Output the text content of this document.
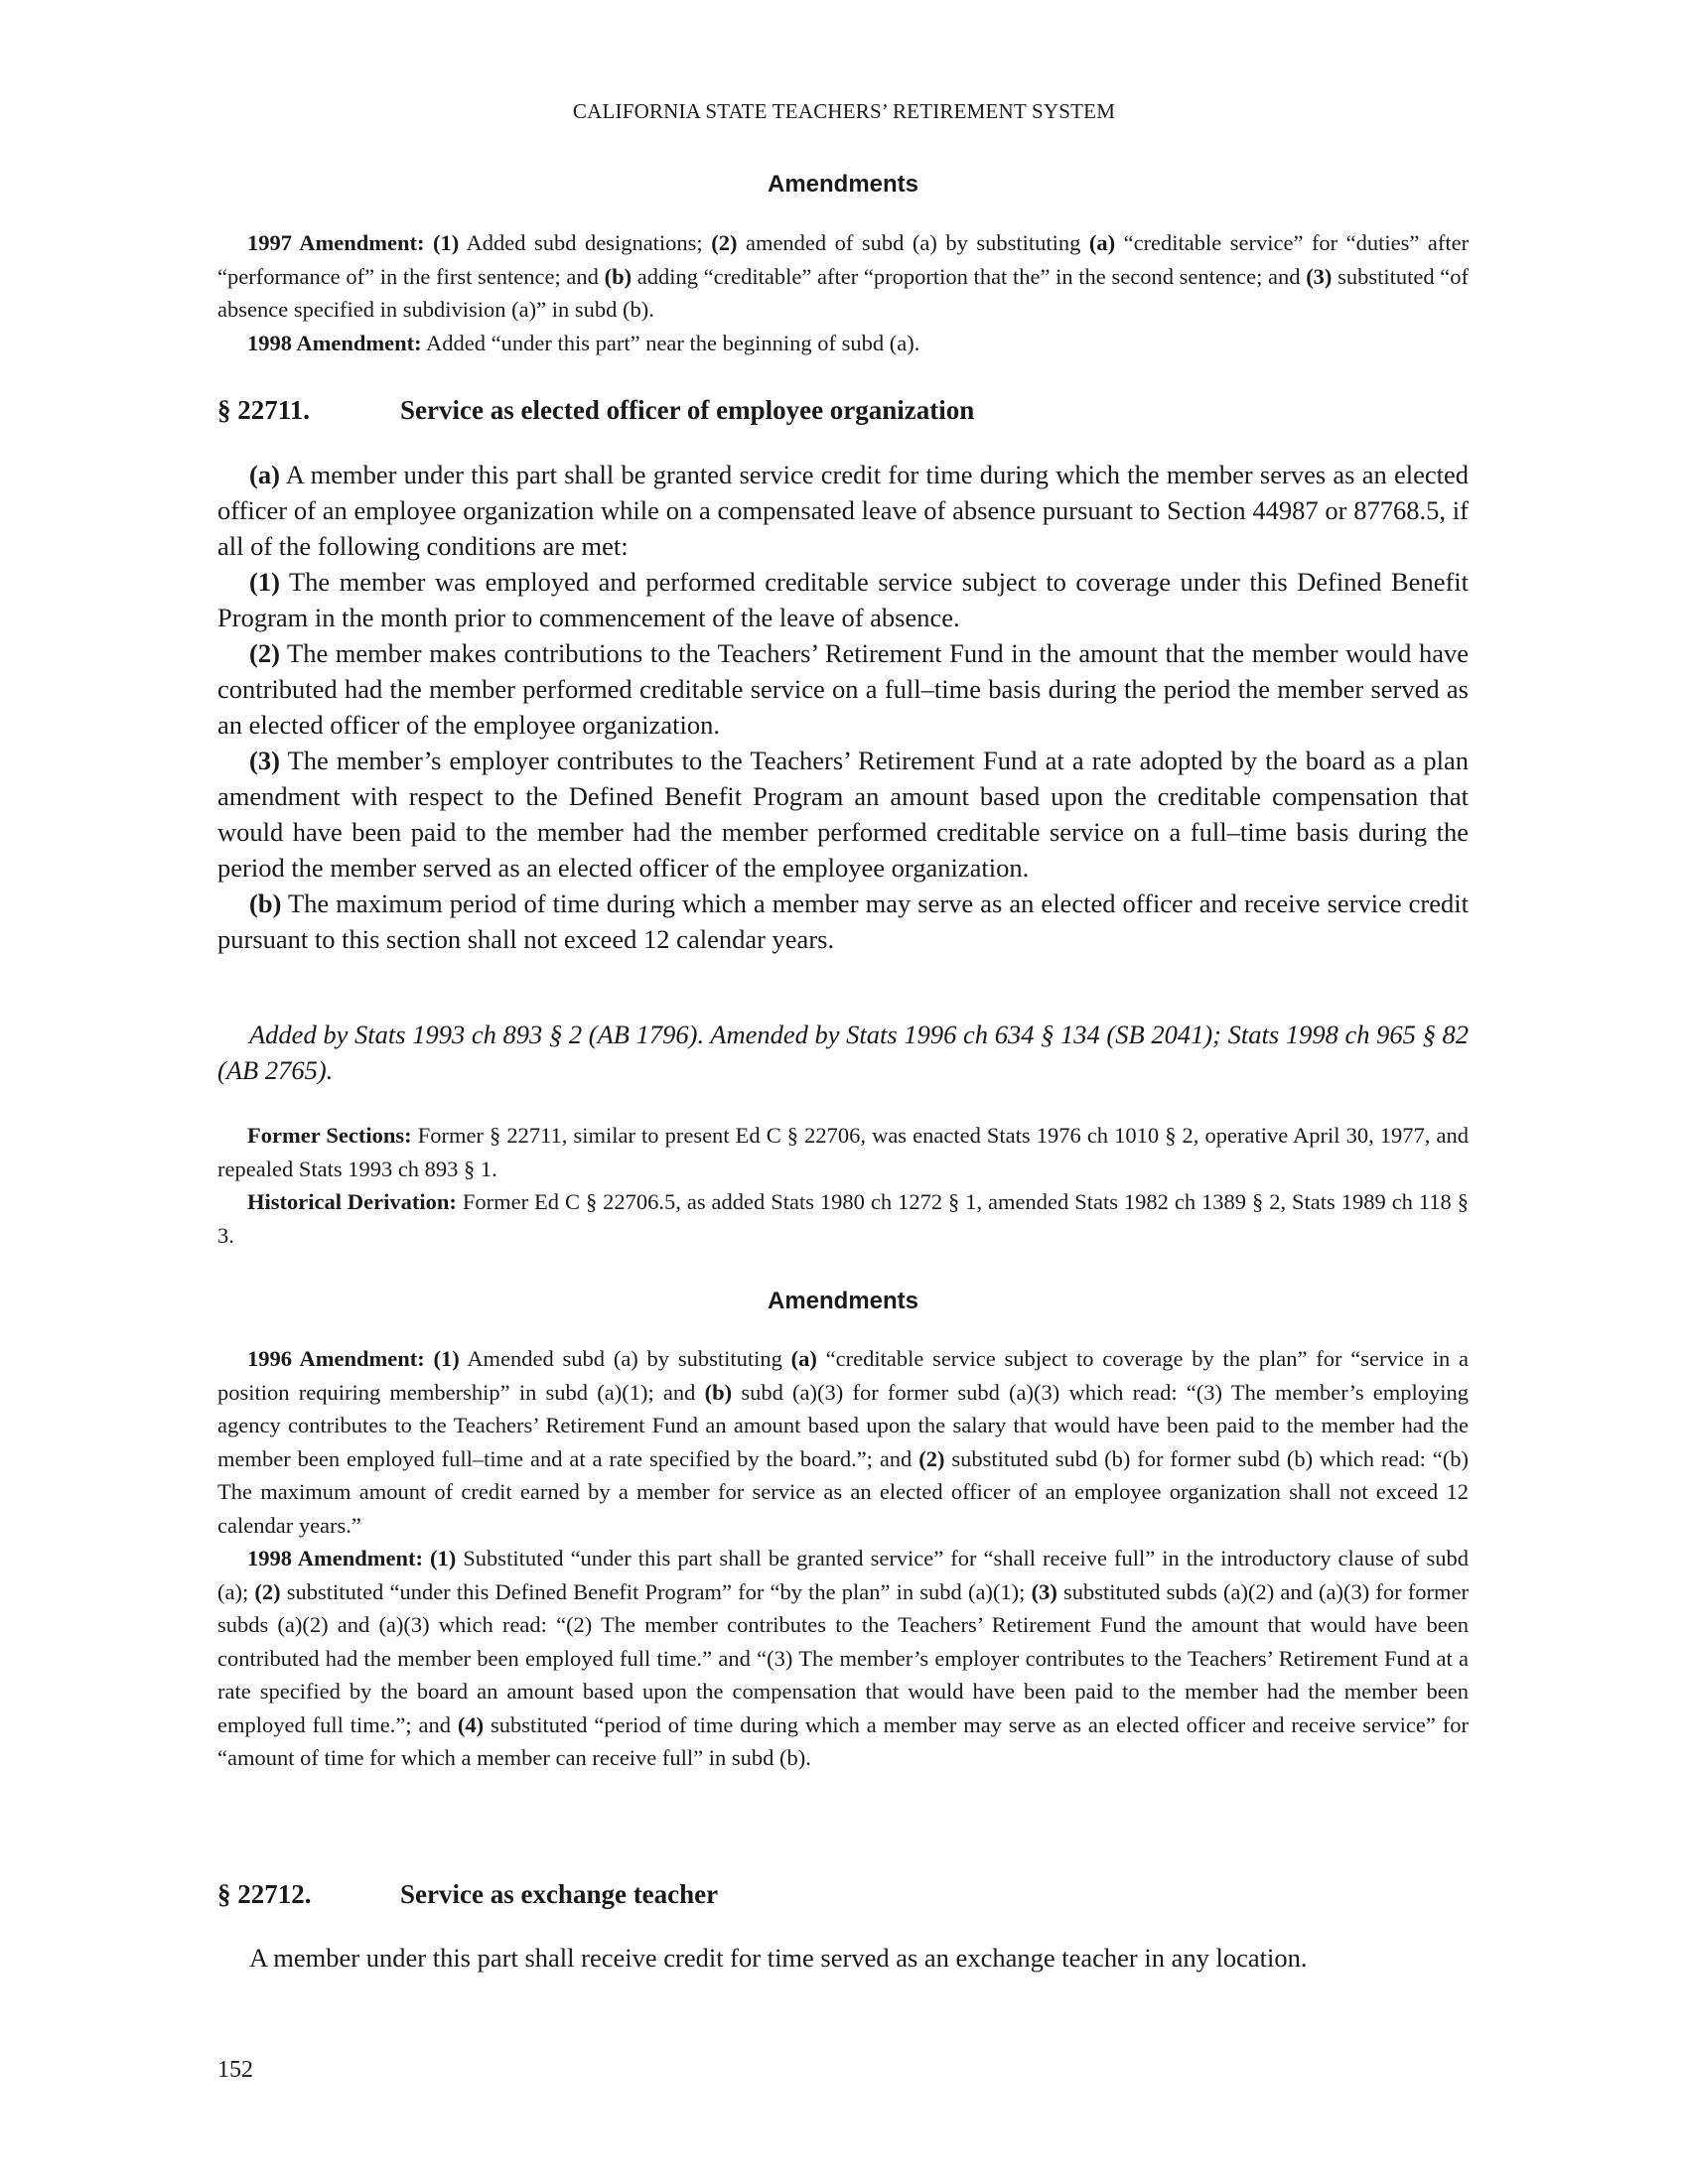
CALIFORNIA STATE TEACHERS’ RETIREMENT SYSTEM
Amendments

1997 Amendment: (1) Added subd designations; (2) amended of subd (a) by substituting (a) “creditable service” for “duties” after “performance of” in the first sentence; and (b) adding “creditable” after “proportion that the” in the second sentence; and (3) substituted “of absence specified in subdivision (a)” in subd (b).

1998 Amendment: Added “under this part” near the beginning of subd (a).

§ 22711.	Service as elected officer of employee organization

(a) A member under this part shall be granted service credit for time during which the member serves as an elected officer of an employee organization while on a compensated leave of absence pursuant to Section 44987 or 87768.5, if all of the following conditions are met:

(1) The member was employed and performed creditable service subject to coverage under this Defined Benefit Program in the month prior to commencement of the leave of absence.

(2) The member makes contributions to the Teachers’ Retirement Fund in the amount that the member would have contributed had the member performed creditable service on a full–time basis during the period the member served as an elected officer of the employee organization.

(3) The member’s employer contributes to the Teachers’ Retirement Fund at a rate adopted by the board as a plan amendment with respect to the Defined Benefit Program an amount based upon the creditable compensation that would have been paid to the member had the member performed creditable service on a full–time basis during the period the member served as an elected officer of the employee organization.

(b) The maximum period of time during which a member may serve as an elected officer and receive service credit pursuant to this section shall not exceed 12 calendar years.

Added by Stats 1993 ch 893 § 2 (AB 1796). Amended by Stats 1996 ch 634 § 134 (SB 2041); Stats 1998 ch 965 § 82 (AB 2765).

Former Sections: Former § 22711, similar to present Ed C § 22706, was enacted Stats 1976 ch 1010 § 2, operative April 30, 1977, and repealed Stats 1993 ch 893 § 1.

Historical Derivation: Former Ed C § 22706.5, as added Stats 1980 ch 1272 § 1, amended Stats 1982 ch 1389 § 2, Stats 1989 ch 118 § 3.

Amendments

1996 Amendment: (1) Amended subd (a) by substituting (a) “creditable service subject to coverage by the plan” for “service in a position requiring membership” in subd (a)(1); and (b) subd (a)(3) for former subd (a)(3) which read: “(3) The member’s employing agency contributes to the Teachers’ Retirement Fund an amount based upon the salary that would have been paid to the member had the member been employed full–time and at a rate specified by the board.”; and (2) substituted subd (b) for former subd (b) which read: “(b) The maximum amount of credit earned by a member for service as an elected officer of an employee organization shall not exceed 12 calendar years.”

1998 Amendment: (1) Substituted “under this part shall be granted service” for “shall receive full” in the introductory clause of subd (a); (2) substituted “under this Defined Benefit Program” for “by the plan” in subd (a)(1); (3) substituted subds (a)(2) and (a)(3) for former subds (a)(2) and (a)(3) which read: “(2) The member contributes to the Teachers’ Retirement Fund the amount that would have been contributed had the member been employed full time.” and “(3) The member’s employer contributes to the Teachers’ Retirement Fund at a rate specified by the board an amount based upon the compensation that would have been paid to the member had the member been employed full time.”; and (4) substituted “period of time during which a member may serve as an elected officer and receive service” for “amount of time for which a member can receive full” in subd (b).

§ 22712.	Service as exchange teacher

A member under this part shall receive credit for time served as an exchange teacher in any location.

152
